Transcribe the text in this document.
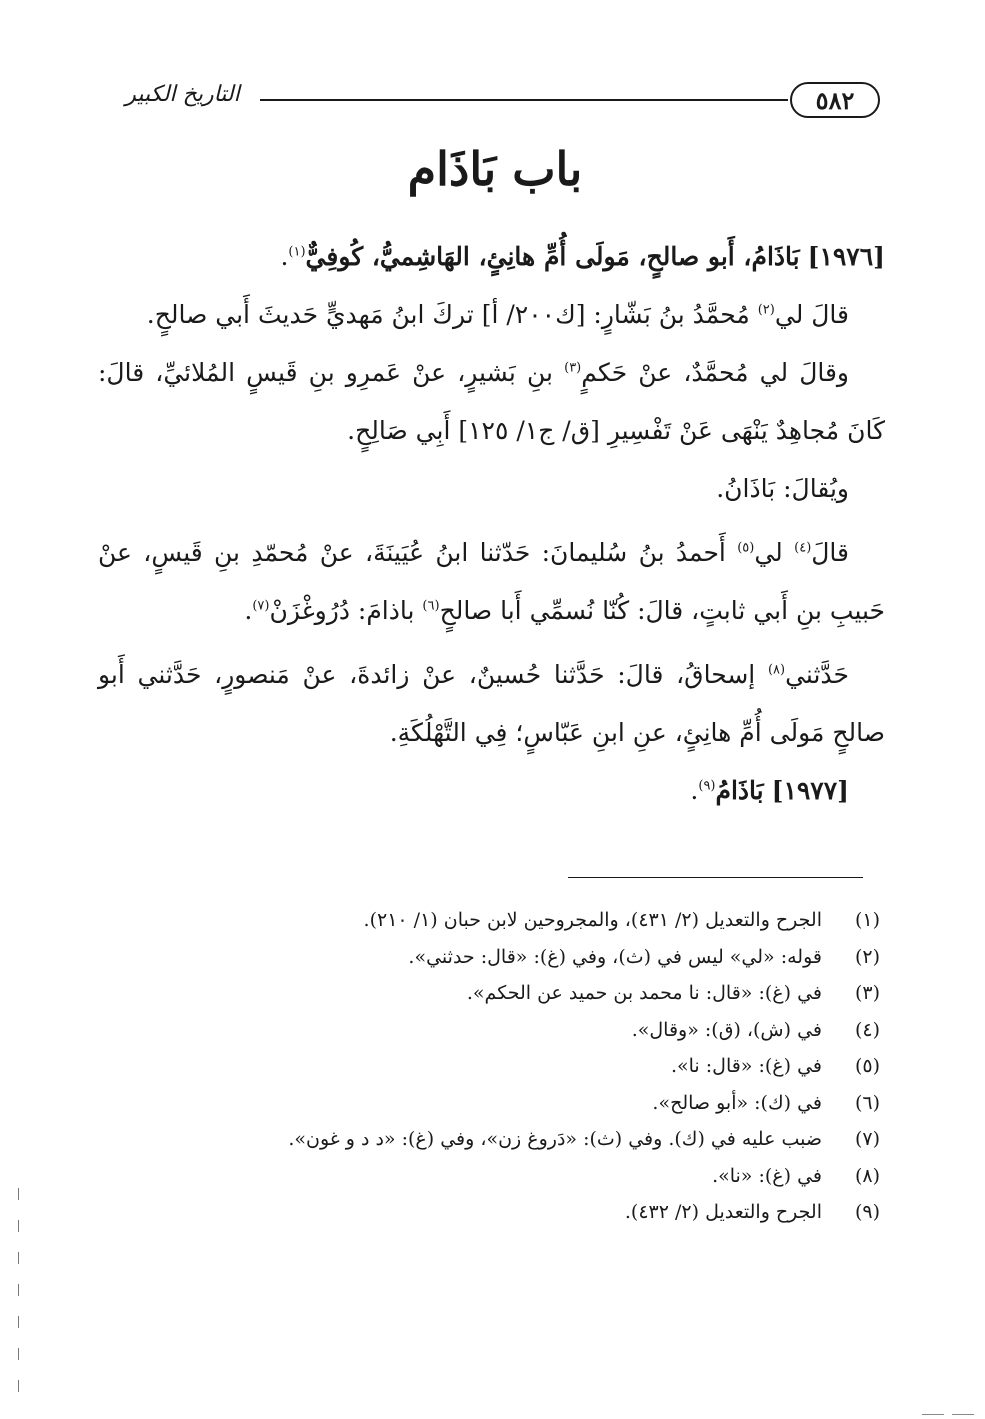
٥٨٢
التاريخ الكبير
باب بَاذَام

[١٩٧٦] بَاذَامُ، أَبو صالحٍ، مَولَى أُمِّ هانِئٍ، الهَاشِميُّ، كُوفِيٌّ$^{(١)}$.

قالَ لي$^{(٢)}$ مُحمَّدُ بنُ بَشّارٍ: [ك٢٠٠/ أ] تركَ ابنُ مَهديٍّ حَديثَ أَبي صالحٍ.

وقالَ لي مُحمَّدٌ، عنْ حَكمٍ$^{(٣)}$ بنِ بَشيرٍ، عنْ عَمرِو بنِ قَيسٍ المُلائيِّ، قالَ: كَانَ مُجاهِدٌ يَنْهَى عَنْ تَفْسِيرِ [ق/ ج١/ ١٢٥] أَبِي صَالِحٍ.

ويُقالَ: بَاذَانُ.

قالَ$^{(٤)}$ لي$^{(٥)}$ أَحمدُ بنُ سُليمانَ: حَدّثنا ابنُ عُيَينَةَ، عنْ مُحمّدِ بنِ قَيسٍ، عنْ حَبيبِ بنِ أَبي ثابتٍ، قالَ: كُنّا نُسمِّي أَبا صالحٍ$^{(٦)}$ باذامَ: دُرُوغْزَنْ$^{(٧)}$.

حَدَّثني$^{(٨)}$ إسحاقُ، قالَ: حَدَّثنا حُسينٌ، عنْ زائدةَ، عنْ مَنصورٍ، حَدَّثني أَبو صالحٍ مَولَى أُمِّ هانِئٍ، عنِ ابنِ عَبّاسٍ؛ فِي التَّهْلُكَةِ.

[١٩٧٧] بَاذَامُ$^{(٩)}$.

(١)
الجرح والتعديل (٢/ ٤٣١)، والمجروحين لابن حبان (١/ ٢١٠).
(٢)
قوله: «لي» ليس في (ث)، وفي (غ): «قال: حدثني».
(٣)
في (غ): «قال: نا محمد بن حميد عن الحكم».
(٤)
في (ش)، (ق): «وقال».
(٥)
في (غ): «قال: نا».
(٦)
في (ك): «أبو صالح».
(٧)
ضبب عليه في (ك). وفي (ث): «دَروغ زن»، وفي (غ): «د د و غون».
(٨)
في (غ): «نا».
(٩)
الجرح والتعديل (٢/ ٤٣٢).
